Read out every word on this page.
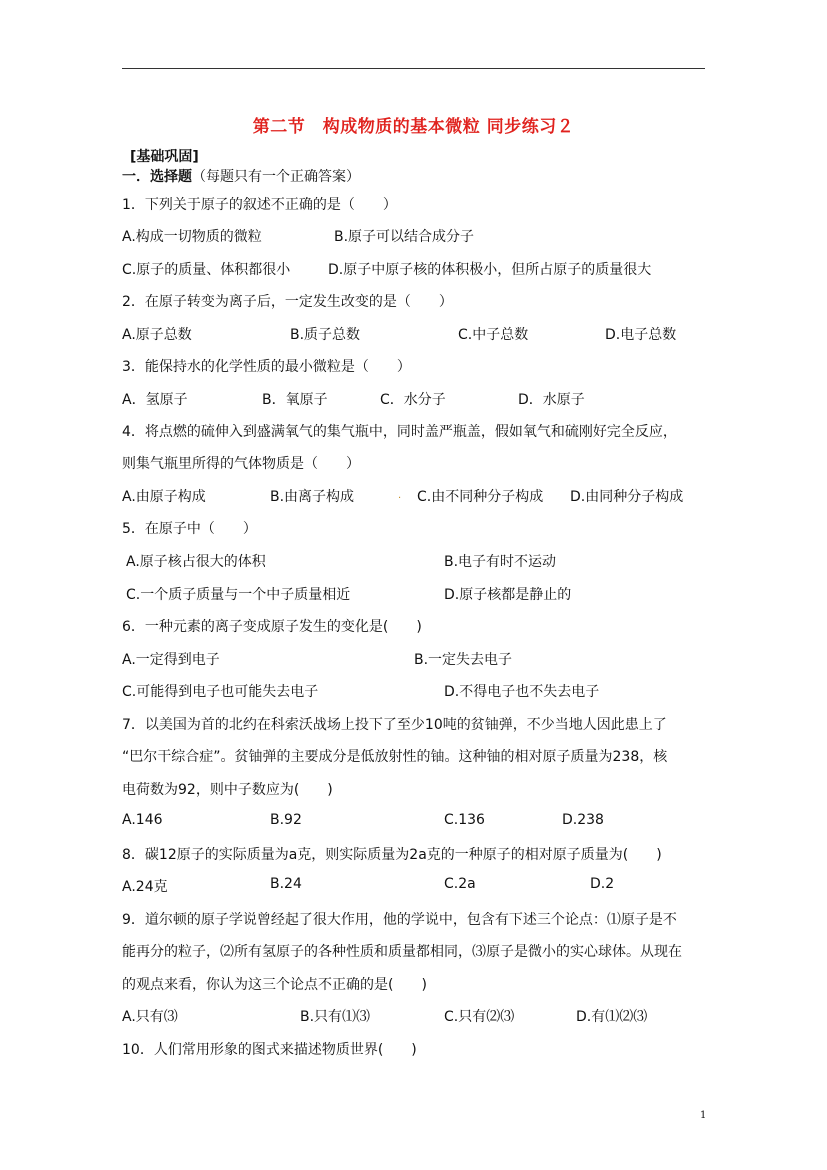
第二节　构成物质的基本微粒 同步练习２
[基础巩固]
一．选择题（每题只有一个正确答案）
1．下列关于原子的叙述不正确的是（　　）
A.构成一切物质的微粒	B.原子可以结合成分子
C.原子的质量、体积都很小	D.原子中原子核的体积极小，但所占原子的质量很大
2．在原子转变为离子后，一定发生改变的是（　　）
A.原子总数	B.质子总数	C.中子总数	D.电子总数
3．能保持水的化学性质的最小微粒是（　　）
A．氢原子	B．氧原子	C．水分子	D．水原子
4．将点燃的硫伸入到盛满氧气的集气瓶中，同时盖严瓶盖，假如氧气和硫刚好完全反应，
则集气瓶里所得的气体物质是（　　）
A.由原子构成	B.由离子构成	. C.由不同种分子构成 D.由同种分子构成
5．在原子中（　　）
A.原子核占很大的体积	B.电子有时不运动
C.一个质子质量与一个中子质量相近	D.原子核都是静止的
6．一种元素的离子变成原子发生的变化是(　　)
A.一定得到电子	B.一定失去电子
C.可能得到电子也可能失去电子	D.不得电子也不失去电子
7．以美国为首的北约在科索沃战场上投下了至少10吨的贫铀弹，不少当地人因此患上了
“巴尔干综合症”。贫铀弹的主要成分是低放射性的铀。这种铀的相对原子质量为238，核
电荷数为92，则中子数应为(　　)
A.146	B.92	C.136	D.238
8．碳12原子的实际质量为a克，则实际质量为2a克的一种原子的相对原子质量为(　　)
A.24克	B.24	C.2a	D.2
9．道尔顿的原子学说曾经起了很大作用，他的学说中，包含有下述三个论点：⑴原子是不
能再分的粒子，⑵所有氢原子的各种性质和质量都相同，⑶原子是微小的实心球体。从现在
的观点来看，你认为这三个论点不正确的是(　　)
A.只有⑶	B.只有⑴⑶	C.只有⑵⑶	D.有⑴⑵⑶
10．人们常用形象的图式来描述物质世界(　　)
1
